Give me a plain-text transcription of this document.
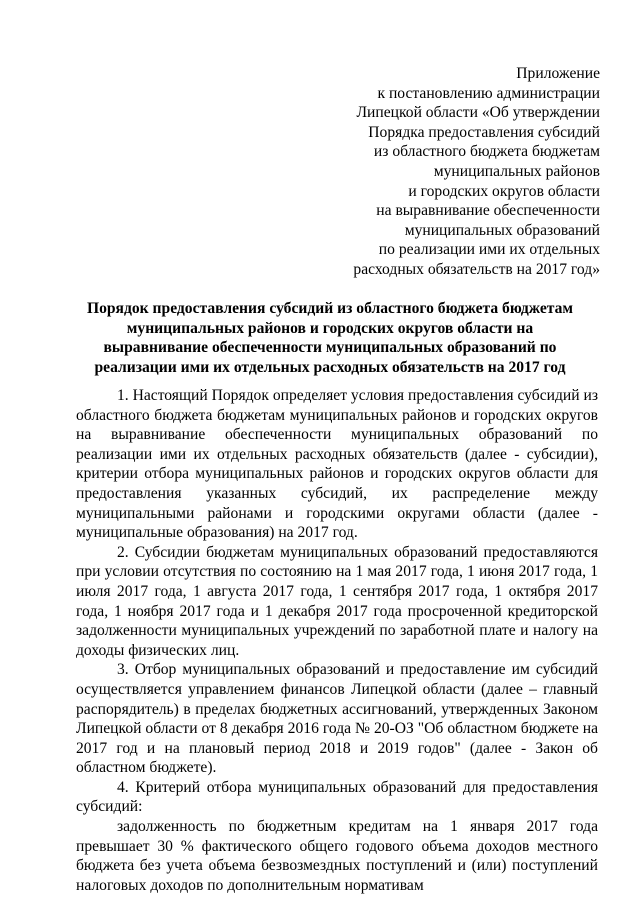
Приложение
к постановлению администрации
Липецкой области «Об утверждении
Порядка предоставления субсидий
из областного бюджета бюджетам
муниципальных районов
и городских округов области
на выравнивание обеспеченности
муниципальных образований
по реализации ими их отдельных
расходных обязательств на 2017 год»
Порядок предоставления субсидий из областного бюджета бюджетам
муниципальных районов и городских округов области на
выравнивание обеспеченности муниципальных образований по
реализации ими их отдельных расходных обязательств на 2017 год

1. Настоящий Порядок определяет условия предоставления субсидий из областного бюджета бюджетам муниципальных районов и городских округов на выравнивание обеспеченности муниципальных образований по реализации ими их отдельных расходных обязательств (далее - субсидии), критерии отбора муниципальных районов и городских округов области для предоставления указанных субсидий, их распределение между муниципальными районами и городскими округами области (далее - муниципальные образования) на 2017 год.

2. Субсидии бюджетам муниципальных образований предоставляются при условии отсутствия по состоянию на 1 мая 2017 года, 1 июня 2017 года, 1 июля 2017 года, 1 августа 2017 года, 1 сентября 2017 года, 1 октября 2017 года, 1 ноября 2017 года и 1 декабря 2017 года просроченной кредиторской задолженности муниципальных учреждений по заработной плате и налогу на доходы физических лиц.

3. Отбор муниципальных образований и предоставление им субсидий осуществляется управлением финансов Липецкой области (далее – главный распорядитель) в пределах бюджетных ассигнований, утвержденных Законом Липецкой области от 8 декабря 2016 года № 20-ОЗ "Об областном бюджете на 2017 год и на плановый период 2018 и 2019 годов" (далее - Закон об областном бюджете).

4. Критерий отбора муниципальных образований для предоставления субсидий:

задолженность по бюджетным кредитам на 1 января 2017 года превышает 30 % фактического общего годового объема доходов местного бюджета без учета объема безвозмездных поступлений и (или) поступлений налоговых доходов по дополнительным нормативам
